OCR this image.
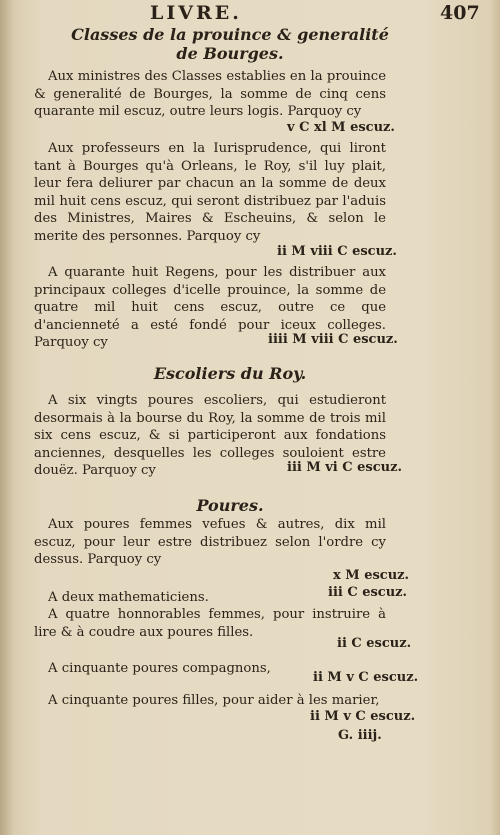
LIVRE.	407
Classes de la prouince & generalité
de Bourges.
Aux ministres des Classes establies en la prouince & generalité de Bourges, la somme de cinq cens quarante mil escuz, outre leurs logis. Parquoy cy
v C xl M escuz.
Aux professeurs en la Iurisprudence, qui liront tant à Bourges qu'à Orleans, le Roy, s'il luy plait, leur fera deliurer par chacun an la somme de deux mil huit cens escuz, qui seront distribuez par l'aduis des Ministres, Maires & Escheuins, & selon le merite des personnes. Parquoy cy
ii M viii C escuz.
A quarante huit Regens, pour les distribuer aux principaux colleges d'icelle prouince, la somme de quatre mil huit cens escuz, outre ce que d'ancienneté a esté fondé pour iceux colleges. Parquoy cy	iiii M viii C escuz.
Escoliers du Roy.
A six vingts poures escoliers, qui estudieront desormais à la bourse du Roy, la somme de trois mil six cens escuz, & si participeront aux fondations anciennes, desquelles les colleges souloient estre douëz. Parquoy cy	iii M vi C escuz.
Poures.
Aux poures femmes vefues & autres, dix mil escuz, pour leur estre distribuez selon l'ordre cy dessus. Parquoy cy
x M escuz.
A deux mathematiciens.	iii C escuz.
A quatre honnorables femmes, pour instruire à lire & à coudre aux poures filles.
ii C escuz.
A cinquante poures compagnons,
ii M v C escuz.
A cinquante poures filles, pour aider à les marier,
ii M v C escuz.
G. iiij.
